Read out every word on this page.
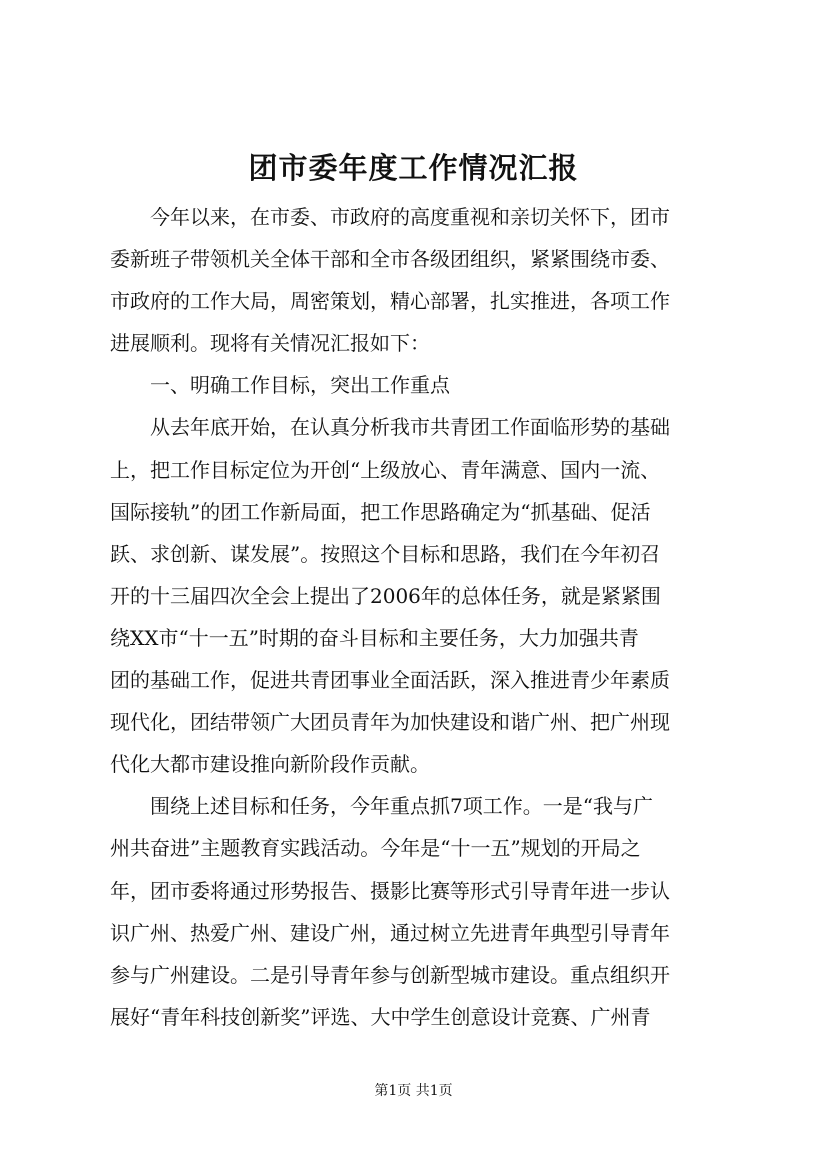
团市委年度工作情况汇报
今年以来，在市委、市政府的高度重视和亲切关怀下，团市
委新班子带领机关全体干部和全市各级团组织，紧紧围绕市委、
市政府的工作大局，周密策划，精心部署，扎实推进，各项工作
进展顺利。现将有关情况汇报如下：
一、明确工作目标，突出工作重点
从去年底开始，在认真分析我市共青团工作面临形势的基础
上，把工作目标定位为开创“上级放心、青年满意、国内一流、
国际接轨”的团工作新局面，把工作思路确定为“抓基础、促活
跃、求创新、谋发展”。按照这个目标和思路，我们在今年初召
开的十三届四次全会上提出了2006年的总体任务，就是紧紧围
绕XX市“十一五”时期的奋斗目标和主要任务，大力加强共青
团的基础工作，促进共青团事业全面活跃，深入推进青少年素质
现代化，团结带领广大团员青年为加快建设和谐广州、把广州现
代化大都市建设推向新阶段作贡献。
围绕上述目标和任务，今年重点抓7项工作。一是“我与广
州共奋进”主题教育实践活动。今年是“十一五”规划的开局之
年，团市委将通过形势报告、摄影比赛等形式引导青年进一步认
识广州、热爱广州、建设广州，通过树立先进青年典型引导青年
参与广州建设。二是引导青年参与创新型城市建设。重点组织开
展好“青年科技创新奖”评选、大中学生创意设计竞赛、广州青
第1页 共1页
